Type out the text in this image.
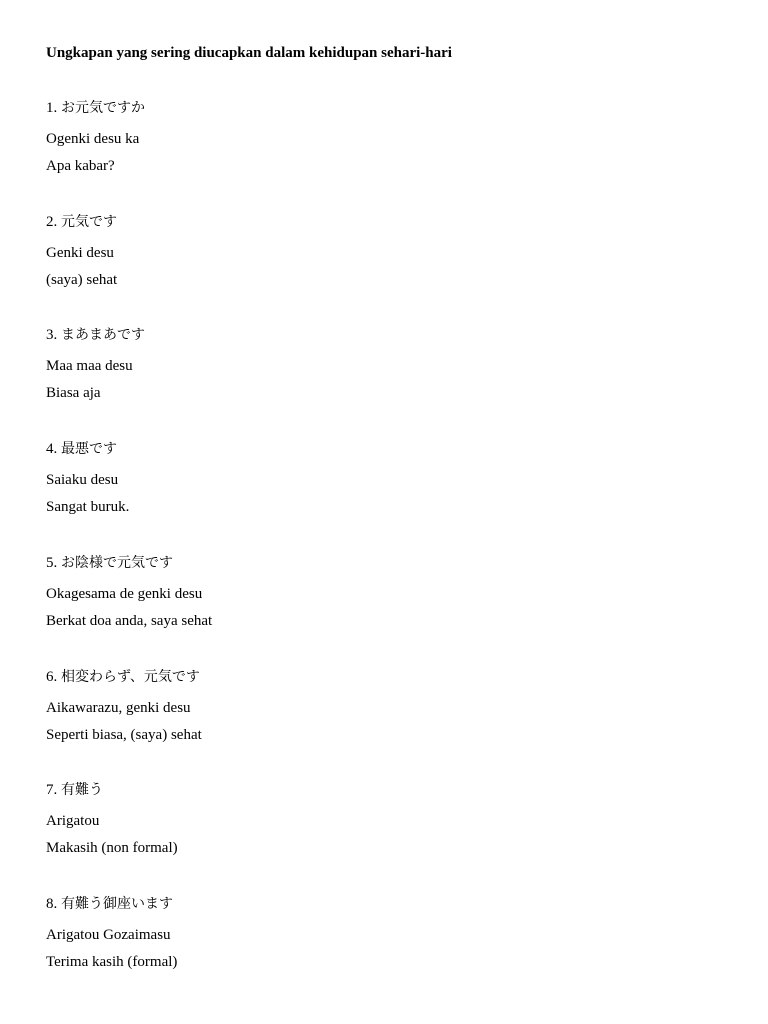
Ungkapan yang sering diucapkan dalam kehidupan sehari-hari
1. お元気ですか
Ogenki desu ka
Apa kabar?
2. 元気です
Genki desu
(saya) sehat
3. まあまあです
Maa maa desu
Biasa aja
4. 最悪です
Saiaku desu
Sangat buruk.
5. お陰様で元気です
Okagesama de genki desu
Berkat doa anda, saya sehat
6. 相変わらず、元気です
Aikawarazu, genki desu
Seperti biasa, (saya) sehat
7. 有難う
Arigatou
Makasih (non formal)
8. 有難う御座います
Arigatou Gozaimasu
Terima kasih (formal)
